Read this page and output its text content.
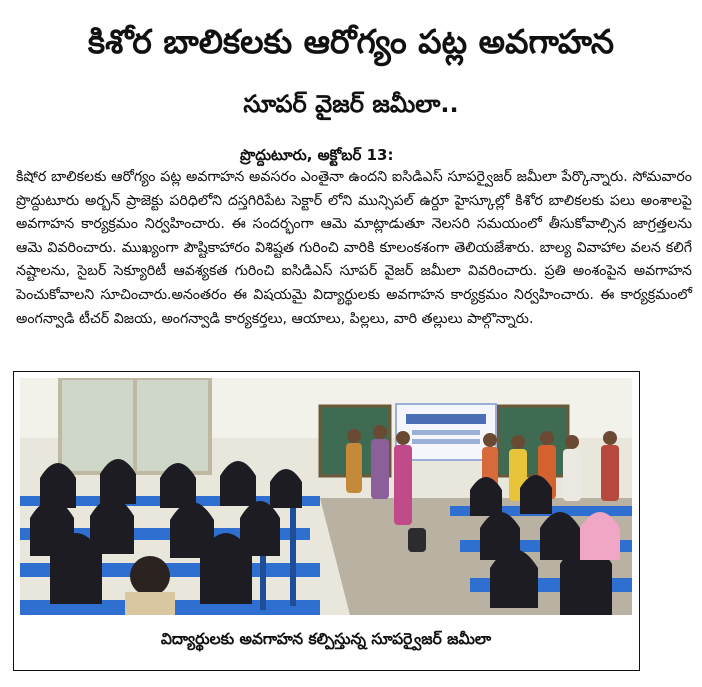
కిశోర బాలికలకు ఆరోగ్యం పట్ల అవగాహన
సూపర్ వైజర్ జమీలా..
ప్రొద్దుటూరు, అక్టోబర్ 13:

కిషోర బాలికలకు ఆరోగ్యం పట్ల అవగాహన అవసరం ఎంతైనా ఉందని ఐసిడిఎస్ సూపర్వైజర్ జమీలా పేర్కొన్నారు. సోమవారం ప్రొద్దుటూరు అర్బన్ ప్రాజెక్టు పరిధిలోని దస్తగిరిపేట సెక్టార్ లోని మున్సిపల్ ఉర్దూ హైస్కూల్లో కిశోర బాలికలకు పలు అంశాలపై అవగాహన కార్యక్రమం నిర్వహించారు. ఈ సందర్భంగా ఆమె మాట్లాడుతూ నెలసరి సమయంలో తీసుకోవాల్సిన జాగ్రత్తలను ఆమె వివరించారు. ముఖ్యంగా పౌష్టికాహారం విశిష్టత గురించి వారికి కూలంకశంగా తెలియజేశారు. బాల్య వివాహాల వలన కలిగే నష్టాలను, సైబర్ సెక్యూరిటీ ఆవశ్యకత గురించి ఐసిడిఎస్ సూపర్ వైజర్ జమీలా వివరించారు. ప్రతి అంశంపైన అవగాహన పెంచుకోవాలని సూచించారు.అనంతరం ఈ విషయమై విద్యార్థులకు అవగాహన కార్యక్రమం నిర్వహించారు. ఈ కార్యక్రమంలో అంగన్వాడి టీచర్ విజయ, అంగన్వాడి కార్యకర్తలు, ఆయాలు, పిల్లలు, వారి తల్లులు పాల్గొన్నారు.

విద్యార్థులకు అవగాహన కల్పిస్తున్న సూపర్వైజర్ జమీలా
